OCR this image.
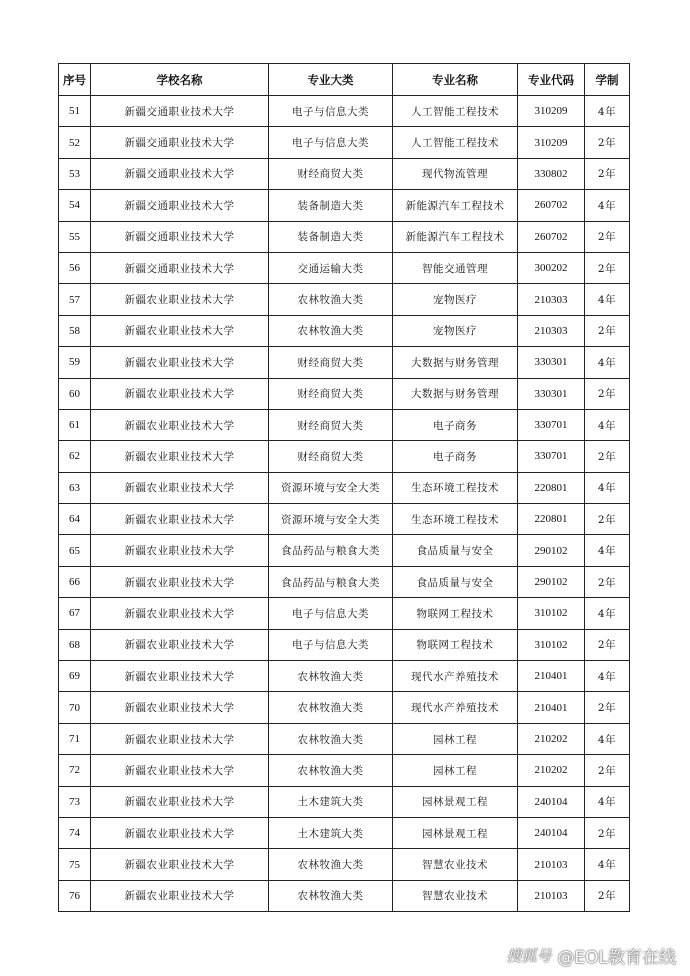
序号	学校名称	专业大类	专业名称	专业代码	学制
51	新疆交通职业技术大学	电子与信息大类	人工智能工程技术	310209	4年
52	新疆交通职业技术大学	电子与信息大类	人工智能工程技术	310209	2年
53	新疆交通职业技术大学	财经商贸大类	现代物流管理	330802	2年
54	新疆交通职业技术大学	装备制造大类	新能源汽车工程技术	260702	4年
55	新疆交通职业技术大学	装备制造大类	新能源汽车工程技术	260702	2年
56	新疆交通职业技术大学	交通运输大类	智能交通管理	300202	2年
57	新疆农业职业技术大学	农林牧渔大类	宠物医疗	210303	4年
58	新疆农业职业技术大学	农林牧渔大类	宠物医疗	210303	2年
59	新疆农业职业技术大学	财经商贸大类	大数据与财务管理	330301	4年
60	新疆农业职业技术大学	财经商贸大类	大数据与财务管理	330301	2年
61	新疆农业职业技术大学	财经商贸大类	电子商务	330701	4年
62	新疆农业职业技术大学	财经商贸大类	电子商务	330701	2年
63	新疆农业职业技术大学	资源环境与安全大类	生态环境工程技术	220801	4年
64	新疆农业职业技术大学	资源环境与安全大类	生态环境工程技术	220801	2年
65	新疆农业职业技术大学	食品药品与粮食大类	食品质量与安全	290102	4年
66	新疆农业职业技术大学	食品药品与粮食大类	食品质量与安全	290102	2年
67	新疆农业职业技术大学	电子与信息大类	物联网工程技术	310102	4年
68	新疆农业职业技术大学	电子与信息大类	物联网工程技术	310102	2年
69	新疆农业职业技术大学	农林牧渔大类	现代水产养殖技术	210401	4年
70	新疆农业职业技术大学	农林牧渔大类	现代水产养殖技术	210401	2年
71	新疆农业职业技术大学	农林牧渔大类	园林工程	210202	4年
72	新疆农业职业技术大学	农林牧渔大类	园林工程	210202	2年
73	新疆农业职业技术大学	土木建筑大类	园林景观工程	240104	4年
74	新疆农业职业技术大学	土木建筑大类	园林景观工程	240104	2年
75	新疆农业职业技术大学	农林牧渔大类	智慧农业技术	210103	4年
76	新疆农业职业技术大学	农林牧渔大类	智慧农业技术	210103	2年
搜狐号 @EOL教育在线
